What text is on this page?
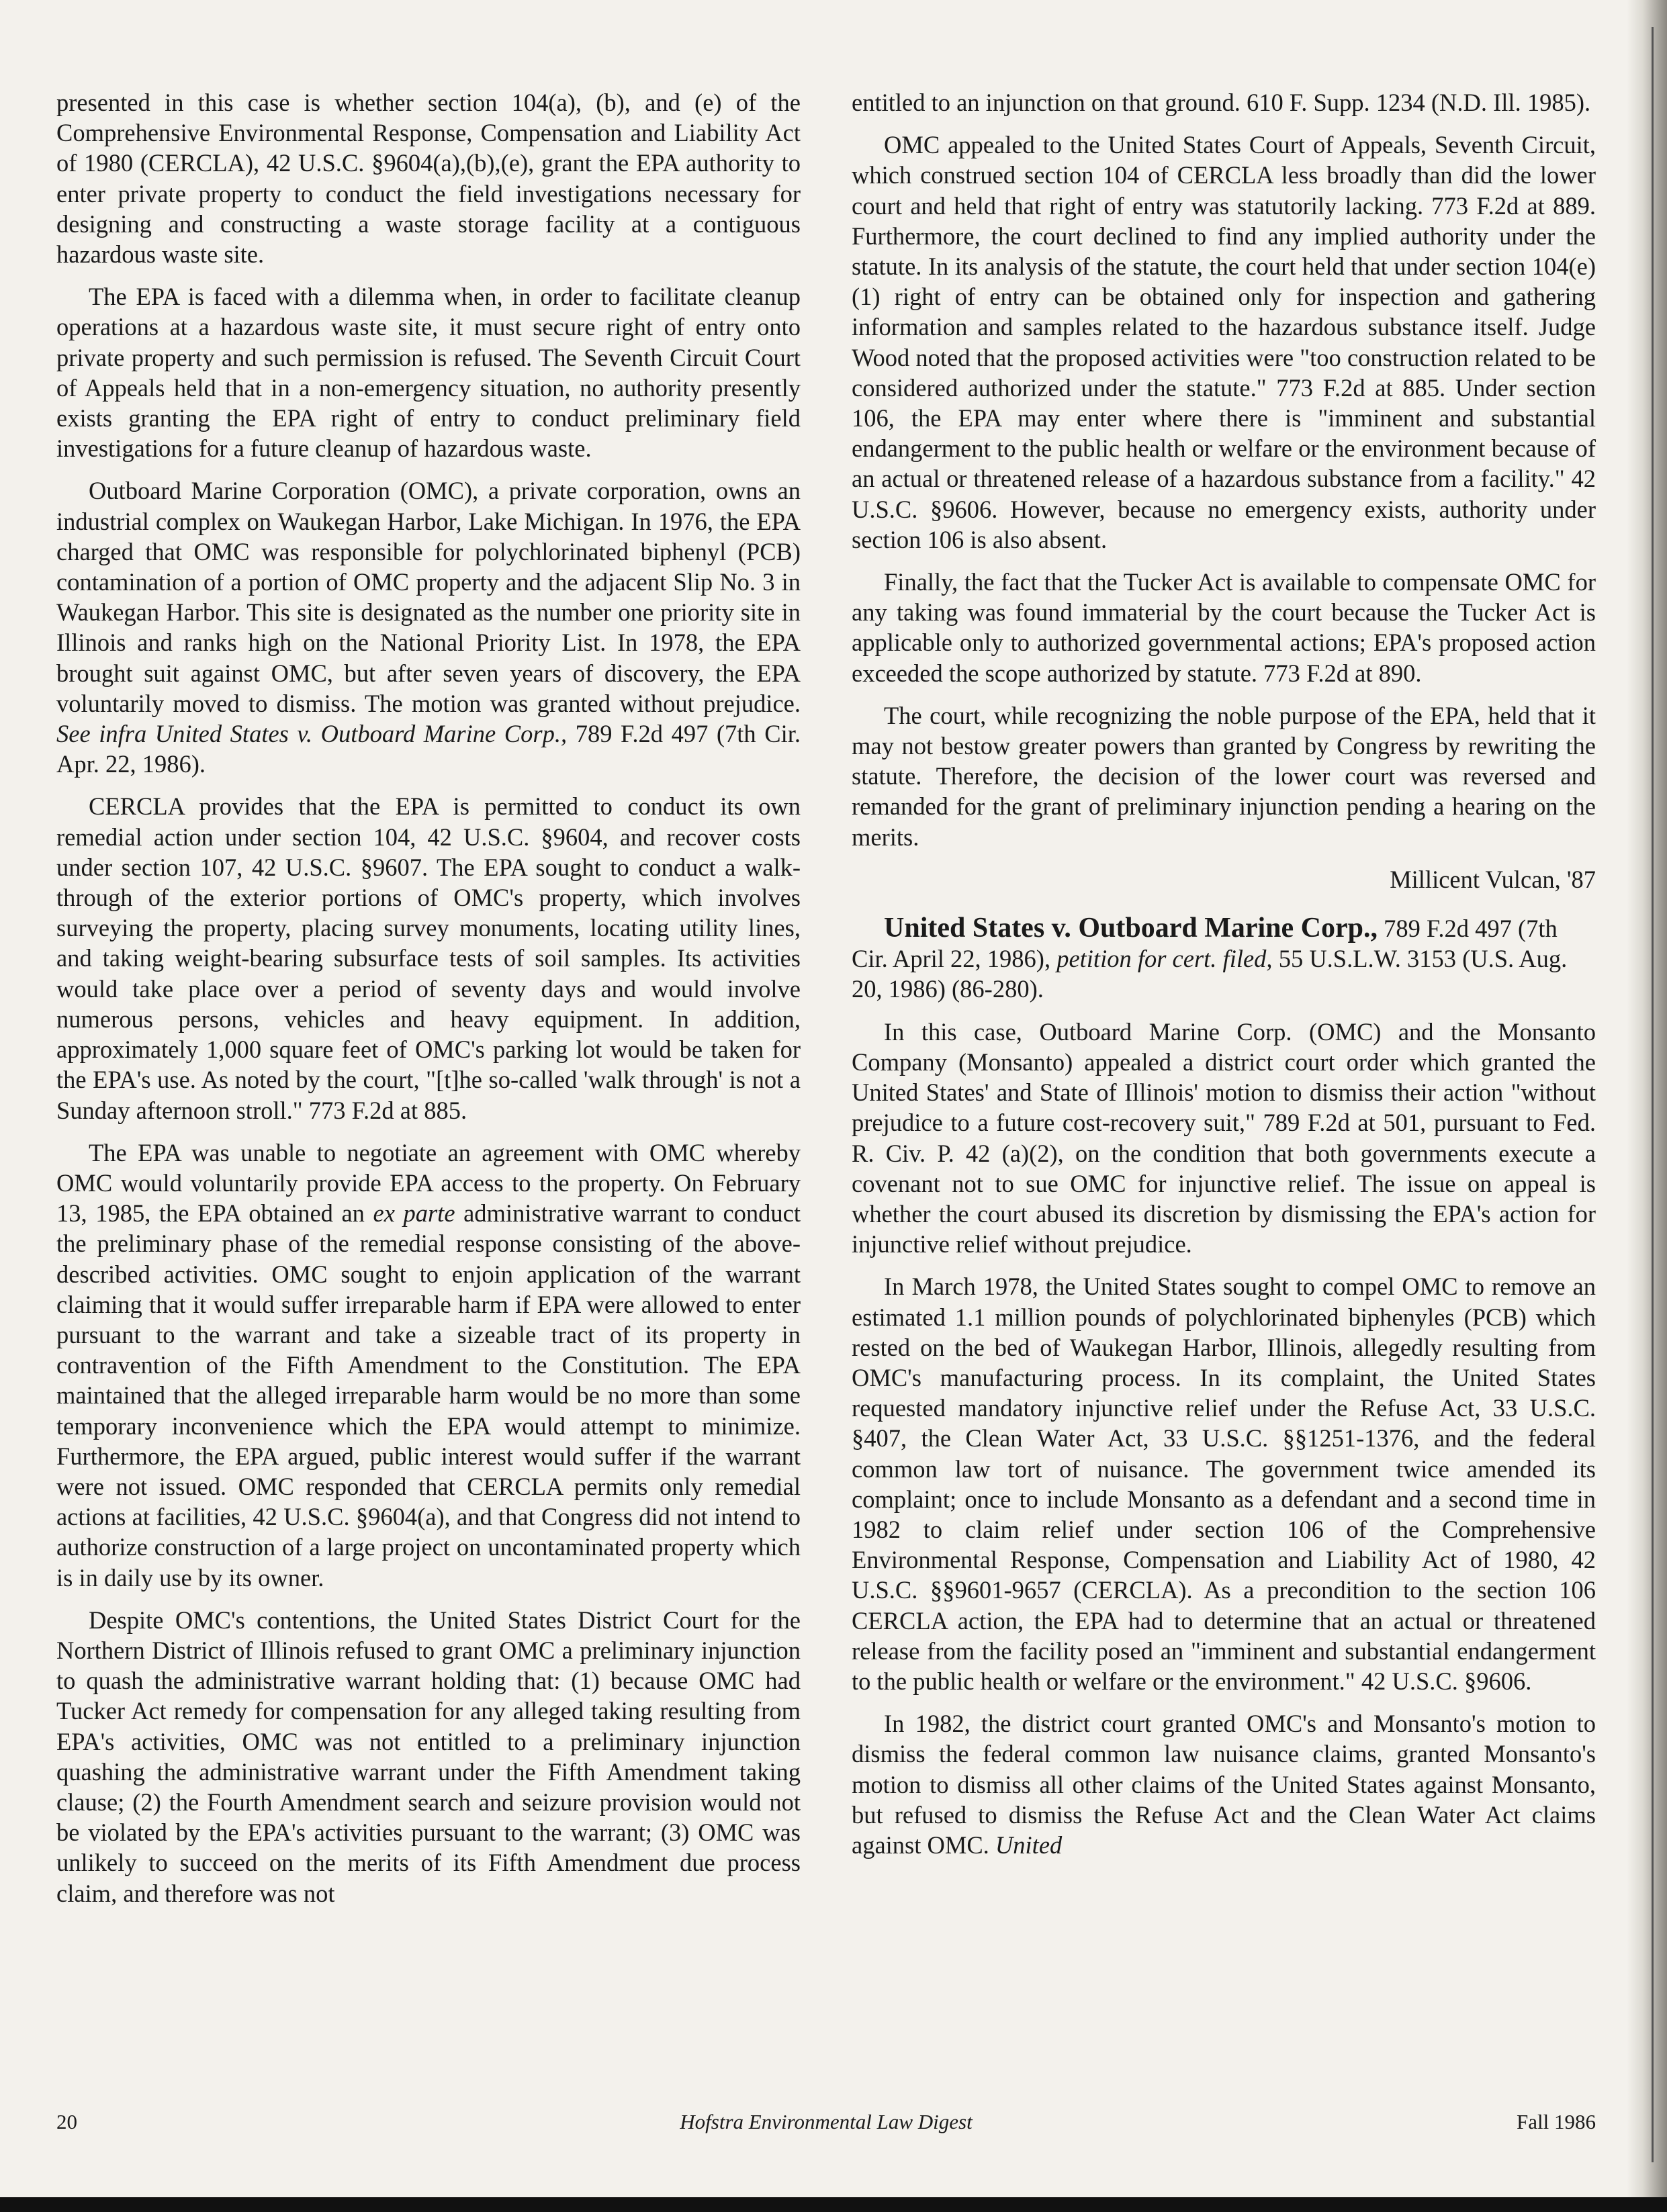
presented in this case is whether section 104(a), (b), and (e) of the Comprehensive Environmental Response, Compensation and Liability Act of 1980 (CERCLA), 42 U.S.C. §9604(a),(b),(e), grant the EPA authority to enter private property to conduct the field investigations necessary for designing and constructing a waste storage facility at a contiguous hazardous waste site.

The EPA is faced with a dilemma when, in order to facilitate cleanup operations at a hazardous waste site, it must secure right of entry onto private property and such permission is refused. The Seventh Circuit Court of Appeals held that in a non-emergency situation, no authority presently exists granting the EPA right of entry to conduct preliminary field investigations for a future cleanup of hazardous waste.

Outboard Marine Corporation (OMC), a private corporation, owns an industrial complex on Waukegan Harbor, Lake Michigan. In 1976, the EPA charged that OMC was responsible for polychlorinated biphenyl (PCB) contamination of a portion of OMC property and the adjacent Slip No. 3 in Waukegan Harbor. This site is designated as the number one priority site in Illinois and ranks high on the National Priority List. In 1978, the EPA brought suit against OMC, but after seven years of discovery, the EPA voluntarily moved to dismiss. The motion was granted without prejudice. See infra United States v. Outboard Marine Corp., 789 F.2d 497 (7th Cir. Apr. 22, 1986).

CERCLA provides that the EPA is permitted to conduct its own remedial action under section 104, 42 U.S.C. §9604, and recover costs under section 107, 42 U.S.C. §9607. The EPA sought to conduct a walk-through of the exterior portions of OMC's property, which involves surveying the property, placing survey monuments, locating utility lines, and taking weight-bearing subsurface tests of soil samples. Its activities would take place over a period of seventy days and would involve numerous persons, vehicles and heavy equipment. In addition, approximately 1,000 square feet of OMC's parking lot would be taken for the EPA's use. As noted by the court, "[t]he so-called 'walk through' is not a Sunday afternoon stroll." 773 F.2d at 885.

The EPA was unable to negotiate an agreement with OMC whereby OMC would voluntarily provide EPA access to the property. On February 13, 1985, the EPA obtained an ex parte administrative warrant to conduct the preliminary phase of the remedial response consisting of the above-described activities. OMC sought to enjoin application of the warrant claiming that it would suffer irreparable harm if EPA were allowed to enter pursuant to the warrant and take a sizeable tract of its property in contravention of the Fifth Amendment to the Constitution. The EPA maintained that the alleged irreparable harm would be no more than some temporary inconvenience which the EPA would attempt to minimize. Furthermore, the EPA argued, public interest would suffer if the warrant were not issued. OMC responded that CERCLA permits only remedial actions at facilities, 42 U.S.C. §9604(a), and that Congress did not intend to authorize construction of a large project on uncontaminated property which is in daily use by its owner.

Despite OMC's contentions, the United States District Court for the Northern District of Illinois refused to grant OMC a preliminary injunction to quash the administrative warrant holding that: (1) because OMC had Tucker Act remedy for compensation for any alleged taking resulting from EPA's activities, OMC was not entitled to a preliminary injunction quashing the administrative warrant under the Fifth Amendment taking clause; (2) the Fourth Amendment search and seizure provision would not be violated by the EPA's activities pursuant to the warrant; (3) OMC was unlikely to succeed on the merits of its Fifth Amendment due process claim, and therefore was not

entitled to an injunction on that ground. 610 F. Supp. 1234 (N.D. Ill. 1985).

OMC appealed to the United States Court of Appeals, Seventh Circuit, which construed section 104 of CERCLA less broadly than did the lower court and held that right of entry was statutorily lacking. 773 F.2d at 889. Furthermore, the court declined to find any implied authority under the statute. In its analysis of the statute, the court held that under section 104(e)(1) right of entry can be obtained only for inspection and gathering information and samples related to the hazardous substance itself. Judge Wood noted that the proposed activities were "too construction related to be considered authorized under the statute." 773 F.2d at 885. Under section 106, the EPA may enter where there is "imminent and substantial endangerment to the public health or welfare or the environment because of an actual or threatened release of a hazardous substance from a facility." 42 U.S.C. §9606. However, because no emergency exists, authority under section 106 is also absent.

Finally, the fact that the Tucker Act is available to compensate OMC for any taking was found immaterial by the court because the Tucker Act is applicable only to authorized governmental actions; EPA's proposed action exceeded the scope authorized by statute. 773 F.2d at 890.

The court, while recognizing the noble purpose of the EPA, held that it may not bestow greater powers than granted by Congress by rewriting the statute. Therefore, the decision of the lower court was reversed and remanded for the grant of preliminary injunction pending a hearing on the merits.

Millicent Vulcan, '87

United States v. Outboard Marine Corp., 789 F.2d 497 (7th Cir. April 22, 1986), petition for cert. filed, 55 U.S.L.W. 3153 (U.S. Aug. 20, 1986) (86-280).

In this case, Outboard Marine Corp. (OMC) and the Monsanto Company (Monsanto) appealed a district court order which granted the United States' and State of Illinois' motion to dismiss their action "without prejudice to a future cost-recovery suit," 789 F.2d at 501, pursuant to Fed. R. Civ. P. 42 (a)(2), on the condition that both governments execute a covenant not to sue OMC for injunctive relief. The issue on appeal is whether the court abused its discretion by dismissing the EPA's action for injunctive relief without prejudice.

In March 1978, the United States sought to compel OMC to remove an estimated 1.1 million pounds of polychlorinated biphenyles (PCB) which rested on the bed of Waukegan Harbor, Illinois, allegedly resulting from OMC's manufacturing process. In its complaint, the United States requested mandatory injunctive relief under the Refuse Act, 33 U.S.C. §407, the Clean Water Act, 33 U.S.C. §§1251-1376, and the federal common law tort of nuisance. The government twice amended its complaint; once to include Monsanto as a defendant and a second time in 1982 to claim relief under section 106 of the Comprehensive Environmental Response, Compensation and Liability Act of 1980, 42 U.S.C. §§9601-9657 (CERCLA). As a precondition to the section 106 CERCLA action, the EPA had to determine that an actual or threatened release from the facility posed an "imminent and substantial endangerment to the public health or welfare or the environment." 42 U.S.C. §9606.

In 1982, the district court granted OMC's and Monsanto's motion to dismiss the federal common law nuisance claims, granted Monsanto's motion to dismiss all other claims of the United States against Monsanto, but refused to dismiss the Refuse Act and the Clean Water Act claims against OMC. United

20	Hofstra Environmental Law Digest	Fall 1986
